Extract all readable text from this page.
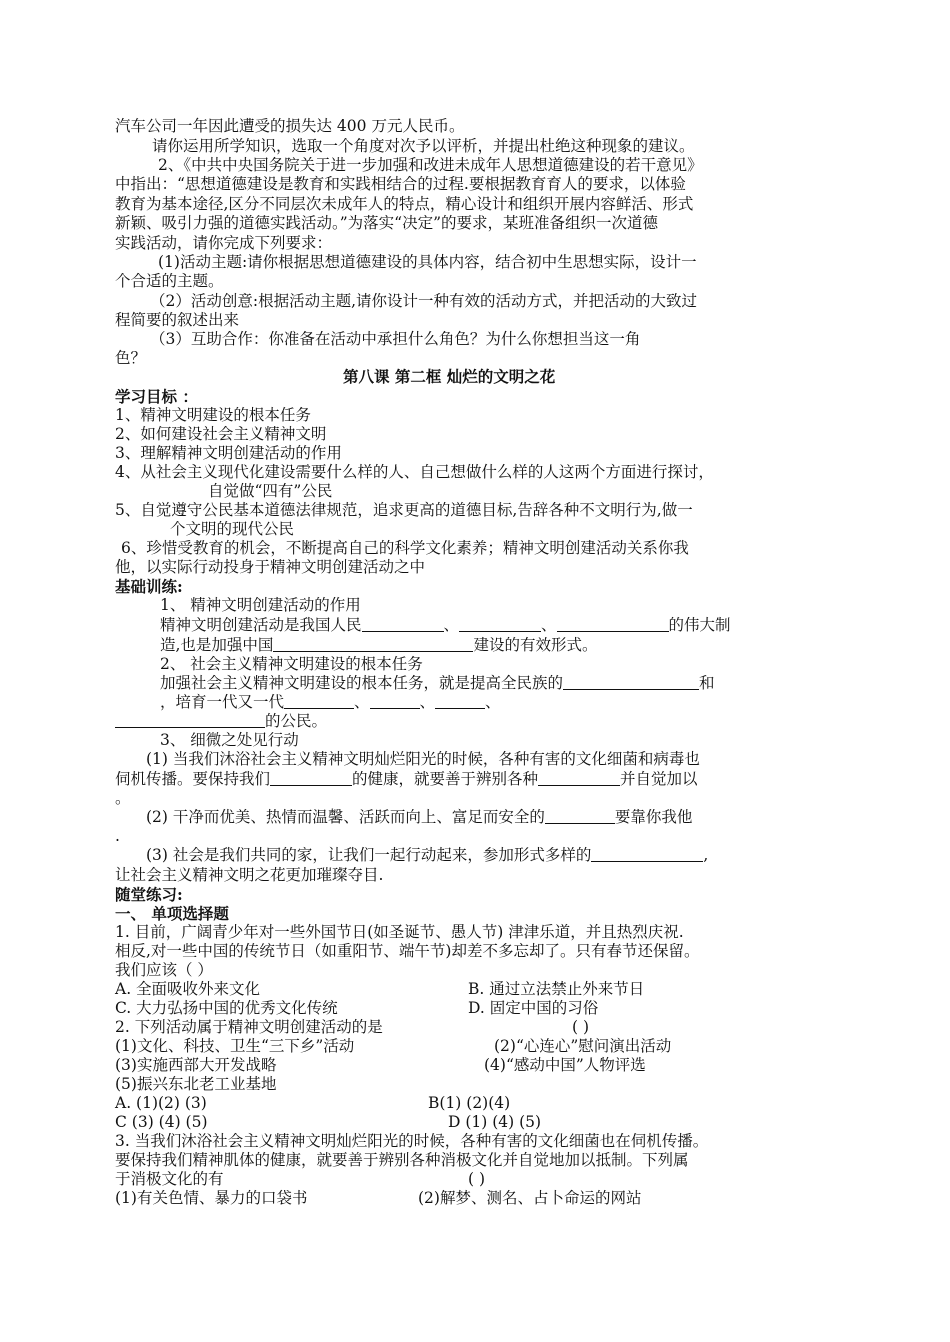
汽车公司一年因此遭受的损失达 400 万元人民币。
请你运用所学知识，选取一个角度对次予以评析，并提出杜绝这种现象的建议。
2、《中共中央国务院关于进一步加强和改进未成年人思想道德建设的若干意见》
中指出：“思想道德建设是教育和实践相结合的过程.要根据教育育人的要求，以体验
教育为基本途径,区分不同层次未成年人的特点，精心设计和组织开展内容鲜活、形式
新颖、吸引力强的道德实践活动。”为落实“决定”的要求，某班准备组织一次道德
实践活动，请你完成下列要求：
(1)活动主题:请你根据思想道德建设的具体内容，结合初中生思想实际，设计一
个合适的主题。
（2）活动创意:根据活动主题,请你设计一种有效的活动方式，并把活动的大致过
程简要的叙述出来
（3）互助合作：你准备在活动中承担什么角色？为什么你想担当这一角
色？
第八课 第二框 灿烂的文明之花
学习目标 ：
1、精神文明建设的根本任务
2、如何建设社会主义精神文明
3、理解精神文明创建活动的作用
4、从社会主义现代化建设需要什么样的人、自己想做什么样的人这两个方面进行探讨，
自觉做“四有”公民
5、自觉遵守公民基本道德法律规范，追求更高的道德目标,告辞各种不文明行为,做一
个文明的现代公民
6、珍惜受教育的机会，不断提高自己的科学文化素养；精神文明创建活动关系你我
他，以实际行动投身于精神文明创建活动之中
基础训练:
1、 精神文明创建活动的作用
精神文明创建活动是我国人民	、	、	的伟大制
造,也是加强中国	建设的有效形式。
2、 社会主义精神文明建设的根本任务
加强社会主义精神文明建设的根本任务，就是提高全民族的	和
，培育一代又一代	、	、	、
的公民。
3、 细微之处见行动
(1) 当我们沐浴社会主义精神文明灿烂阳光的时候，各种有害的文化细菌和病毒也
伺机传播。要保持我们	的健康，就要善于辨别各种	并自觉加以
。
(2) 干净而优美、热情而温馨、活跃而向上、富足而安全的	要靠你我他
.
(3) 社会是我们共同的家，让我们一起行动起来，参加形式多样的	,
让社会主义精神文明之花更加璀璨夺目.
随堂练习:
一、 单项选择题
1. 目前，广阔青少年对一些外国节日(如圣诞节、愚人节) 津津乐道，并且热烈庆祝.
相反,对一些中国的传统节日（如重阳节、端午节)却差不多忘却了。只有春节还保留。
我们应该（ ）
A. 全面吸收外来文化	B. 通过立法禁止外来节日
C. 大力弘扬中国的优秀文化传统	D. 固定中国的习俗
2. 下列活动属于精神文明创建活动的是	( )
(1)文化、科技、卫生“三下乡”活动	(2)“心连心”慰问演出活动
(3)实施西部大开发战略	(4)“感动中国”人物评选
(5)振兴东北老工业基地
A. (1)(2) (3)	B(1) (2)(4)
C (3) (4) (5)	D (1) (4) (5)
3. 当我们沐浴社会主义精神文明灿烂阳光的时候，各种有害的文化细菌也在伺机传播。
要保持我们精神肌体的健康，就要善于辨别各种消极文化并自觉地加以抵制。下列属
于消极文化的有	( )
(1)有关色情、暴力的口袋书	(2)解梦、测名、占卜命运的网站
